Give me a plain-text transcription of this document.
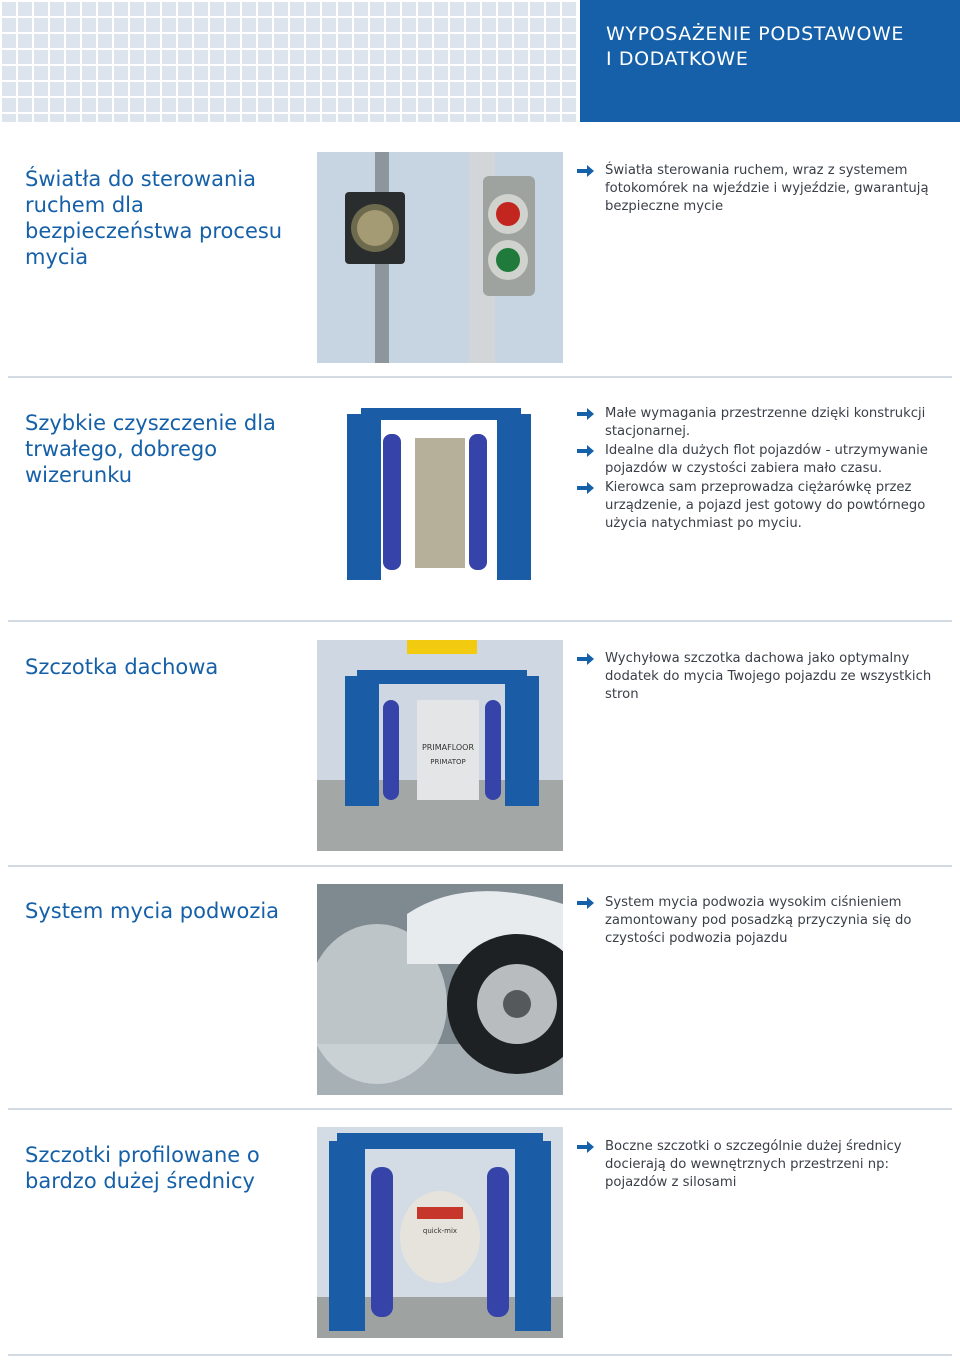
WYPOSAŻENIE PODSTAWOWE
I DODATKOWE
Światła do sterowania ruchem dla bezpieczeństwa procesu mycia
Światła sterowania ruchem, wraz z systemem fotokomórek na wjeździe i wyjeździe, gwarantują bezpieczne mycie
Szybkie czyszczenie dla trwałego, dobrego wizerunku
Małe wymagania przestrzenne dzięki konstrukcji stacjonarnej.
Idealne dla dużych flot pojazdów - utrzymywanie pojazdów w czystości zabiera mało czasu.
Kierowca sam przeprowadza ciężarówkę przez urządzenie, a pojazd jest gotowy do powtórnego użycia natychmiast po myciu.
Szczotka dachowa
PRIMAFLOOR
PRIMATOP
Wychyłowa szczotka dachowa jako optymalny dodatek do mycia Twojego pojazdu ze wszystkich stron
System mycia podwozia	System mycia podwozia wysokim ciśnieniem zamontowany pod posadzką przyczynia się do czystości podwozia pojazdu
Szczotki profilowane o bardzo dużej średnicy
quick-mix
Boczne szczotki o szczególnie dużej średnicy docierają do wewnętrznych przestrzeni np: pojazdów z silosami
